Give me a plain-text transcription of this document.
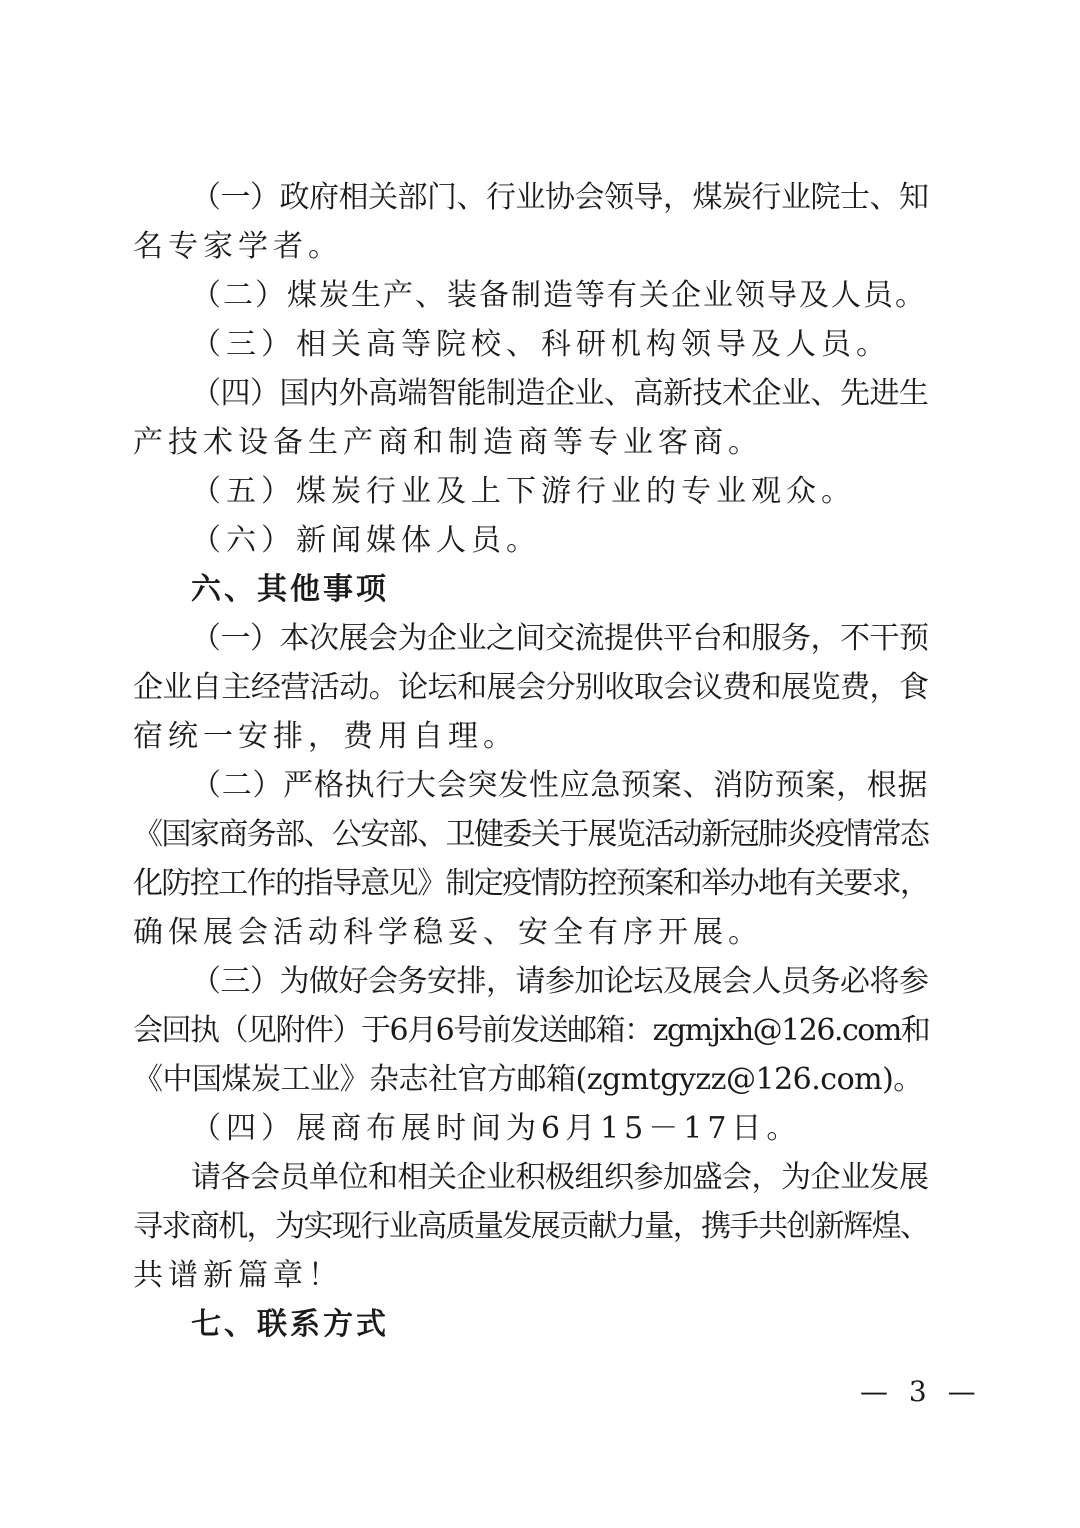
（一）政府相关部门、行业协会领导，煤炭行业院士、知
名专家学者。
（二）煤炭生产、装备制造等有关企业领导及人员。
（三）相关高等院校、科研机构领导及人员。
（四）国内外高端智能制造企业、高新技术企业、先进生
产技术设备生产商和制造商等专业客商。
（五）煤炭行业及上下游行业的专业观众。
（六）新闻媒体人员。
六、其他事项
（一）本次展会为企业之间交流提供平台和服务，不干预
企业自主经营活动。论坛和展会分别收取会议费和展览费，食
宿统一安排，费用自理。
（二）严格执行大会突发性应急预案、消防预案，根据
《国家商务部、公安部、卫健委关于展览活动新冠肺炎疫情常态
化防控工作的指导意见》制定疫情防控预案和举办地有关要求，
确保展会活动科学稳妥、安全有序开展。
（三）为做好会务安排，请参加论坛及展会人员务必将参
会回执（见附件）于6月6号前发送邮箱：zgmjxh@126.com和
《中国煤炭工业》杂志社官方邮箱(zgmtgyzz@126.com)。
（四）展商布展时间为6月15－17日。
请各会员单位和相关企业积极组织参加盛会，为企业发展
寻求商机，为实现行业高质量发展贡献力量，携手共创新辉煌、
共谱新篇章！
七、联系方式
— 3 —
